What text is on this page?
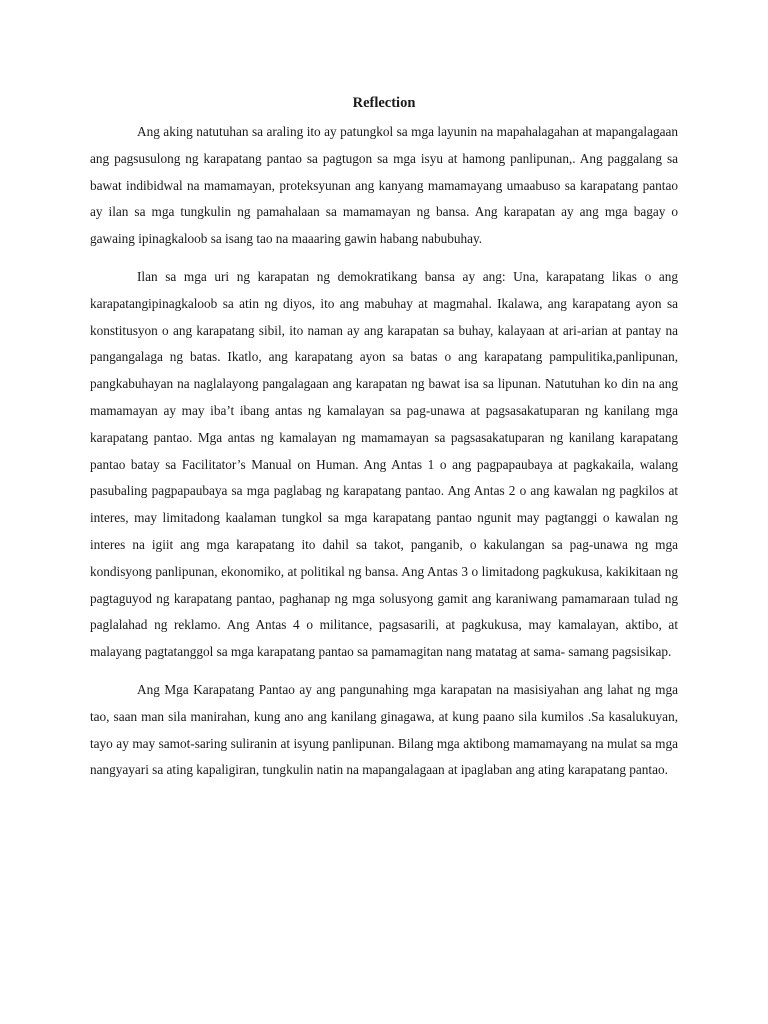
Reflection

Ang aking natutuhan sa araling ito ay patungkol sa mga layunin na mapahalagahan at mapangalagaan ang pagsusulong ng karapatang pantao sa pagtugon sa mga isyu at hamong panlipunan,. Ang paggalang sa bawat indibidwal na mamamayan, proteksyunan ang kanyang mamamayang umaabuso sa karapatang pantao ay ilan sa mga tungkulin ng pamahalaan sa mamamayan ng bansa. Ang karapatan ay ang mga bagay o gawaing ipinagkaloob sa isang tao na maaaring gawin habang nabubuhay.

Ilan sa mga uri ng karapatan ng demokratikang bansa ay ang: Una, karapatang likas o ang karapatangipinagkaloob sa atin ng diyos, ito ang mabuhay at magmahal. Ikalawa, ang karapatang ayon sa konstitusyon o ang karapatang sibil, ito naman ay ang karapatan sa buhay, kalayaan at ari-arian at pantay na pangangalaga ng batas. Ikatlo, ang karapatang ayon sa batas o ang karapatang pampulitika,panlipunan, pangkabuhayan na naglalayong pangalagaan ang karapatan ng bawat isa sa lipunan. Natutuhan ko din na ang mamamayan ay may iba’t ibang antas ng kamalayan sa pag-unawa at pagsasakatuparan ng kanilang mga karapatang pantao. Mga antas ng kamalayan ng mamamayan sa pagsasakatuparan ng kanilang karapatang pantao batay sa Facilitator’s Manual on Human. Ang Antas 1 o ang pagpapaubaya at pagkakaila, walang pasubaling pagpapaubaya sa mga paglabag ng karapatang pantao. Ang Antas 2 o ang kawalan ng pagkilos at interes, may limitadong kaalaman tungkol sa mga karapatang pantao ngunit may pagtanggi o kawalan ng interes na igiit ang mga karapatang ito dahil sa takot, panganib, o kakulangan sa pag-unawa ng mga kondisyong panlipunan, ekonomiko, at politikal ng bansa. Ang Antas 3 o limitadong pagkukusa, kakikitaan ng pagtaguyod ng karapatang pantao, paghanap ng mga solusyong gamit ang karaniwang pamamaraan tulad ng paglalahad ng reklamo. Ang Antas 4 o militance, pagsasarili, at pagkukusa, may kamalayan, aktibo, at malayang pagtatanggol sa mga karapatang pantao sa pamamagitan nang matatag at sama- samang pagsisikap.

Ang Mga Karapatang Pantao ay ang pangunahing mga karapatan na masisiyahan ang lahat ng mga tao, saan man sila manirahan, kung ano ang kanilang ginagawa, at kung paano sila kumilos .Sa kasalukuyan, tayo ay may samot-saring suliranin at isyung panlipunan. Bilang mga aktibong mamamayang na mulat sa mga nangyayari sa ating kapaligiran, tungkulin natin na mapangalagaan at ipaglaban ang ating karapatang pantao.
